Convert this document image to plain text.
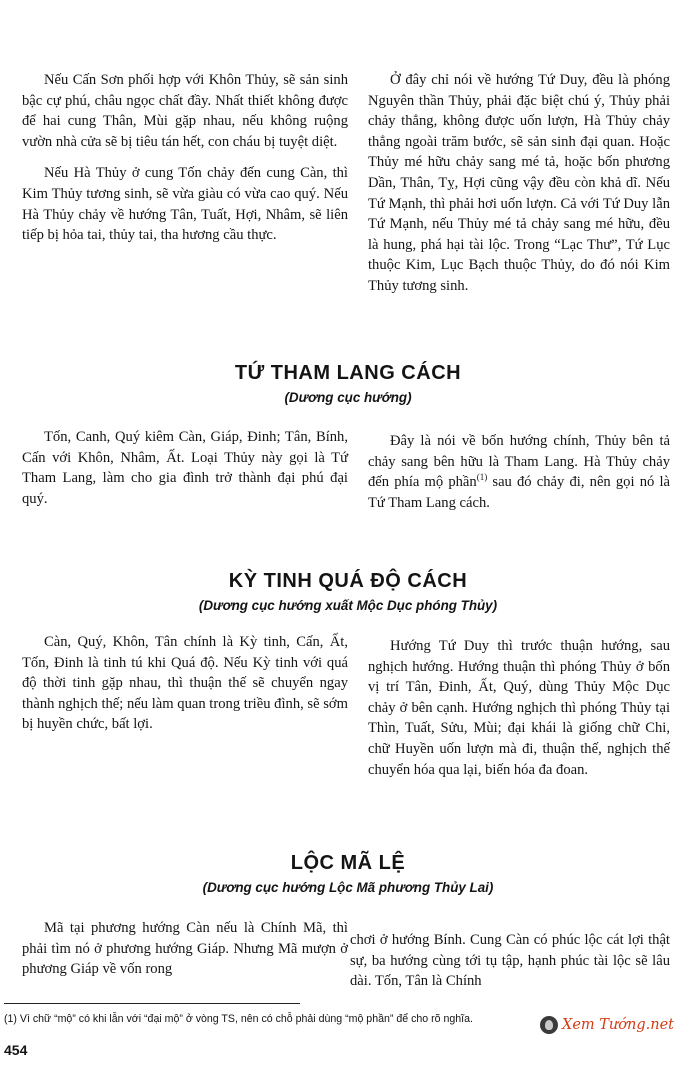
Nếu Cấn Sơn phối hợp với Khôn Thủy, sẽ sản sinh bậc cự phú, châu ngọc chất đầy. Nhất thiết không được để hai cung Thân, Mùi gặp nhau, nếu không ruộng vườn nhà cửa sẽ bị tiêu tán hết, con cháu bị tuyệt diệt.

Nếu Hà Thủy ở cung Tốn chảy đến cung Càn, thì Kim Thủy tương sinh, sẽ vừa giàu có vừa cao quý. Nếu Hà Thủy chảy về hướng Tân, Tuất, Hợi, Nhâm, sẽ liên tiếp bị hỏa tai, thủy tai, tha hương cầu thực.

Ở đây chỉ nói về hướng Tứ Duy, đều là phóng Nguyên thần Thủy, phải đặc biệt chú ý, Thủy phải chảy thẳng, không được uốn lượn, Hà Thủy chảy thẳng ngoài trăm bước, sẽ sản sinh đại quan. Hoặc Thủy mé hữu chảy sang mé tả, hoặc bốn phương Dần, Thân, Tỵ, Hợi cũng vậy đều còn khả dĩ. Nếu Tứ Mạnh, thì phải hơi uốn lượn. Cả với Tứ Duy lẫn Tứ Mạnh, nếu Thủy mé tả chảy sang mé hữu, đều là hung, phá hại tài lộc. Trong “Lạc Thư”, Tứ Lục thuộc Kim, Lục Bạch thuộc Thủy, do đó nói Kim Thủy tương sinh.

TỨ THAM LANG CÁCH
(Dương cục hướng)

Tốn, Canh, Quý kiêm Càn, Giáp, Đinh; Tân, Bính, Cấn với Khôn, Nhâm, Ất. Loại Thủy này gọi là Tứ Tham Lang, làm cho gia đình trở thành đại phú đại quý.

Đây là nói về bốn hướng chính, Thủy bên tả chảy sang bên hữu là Tham Lang. Hà Thủy chảy đến phía mộ phần$^{(1)}$ sau đó chảy đi, nên gọi nó là Tứ Tham Lang cách.

KỲ TINH QUÁ ĐỘ CÁCH
(Dương cục hướng xuất Mộc Dục phóng Thủy)

Càn, Quý, Khôn, Tân chính là Kỳ tinh, Cấn, Ất, Tốn, Đinh là tinh tú khi Quá độ. Nếu Kỳ tinh với quá độ thời tinh gặp nhau, thì thuận thế sẽ chuyển ngay thành nghịch thế; nếu làm quan trong triều đình, sẽ sớm bị huyền chức, bất lợi.

Hướng Tứ Duy thì trước thuận hướng, sau nghịch hướng. Hướng thuận thì phóng Thủy ở bốn vị trí Tân, Đinh, Ất, Quý, dùng Thủy Mộc Dục chảy ở bên cạnh. Hướng nghịch thì phóng Thủy tại Thìn, Tuất, Sửu, Mùi; đại khái là giống chữ Chi, chữ Huyền uốn lượn mà đi, thuận thế, nghịch thế chuyển hóa qua lại, biến hóa đa đoan.

LỘC MÃ LỆ
(Dương cục hướng Lộc Mã phương Thủy Lai)

Mã tại phương hướng Càn nếu là Chính Mã, thì phải tìm nó ở phương hướng Giáp. Nhưng Mã mượn ở phương Giáp về vốn rong

chơi ở hướng Bính. Cung Càn có phúc lộc cát lợi thật sự, ba hướng cùng tới tụ tập, hạnh phúc tài lộc sẽ lâu dài. Tốn, Tân là Chính

(1) Vì chữ “mộ” có khi lẫn với “đại mộ” ở vòng TS, nên có chỗ phải dùng “mộ phần” để cho rõ nghĩa.
454
Xem Tướng.net
